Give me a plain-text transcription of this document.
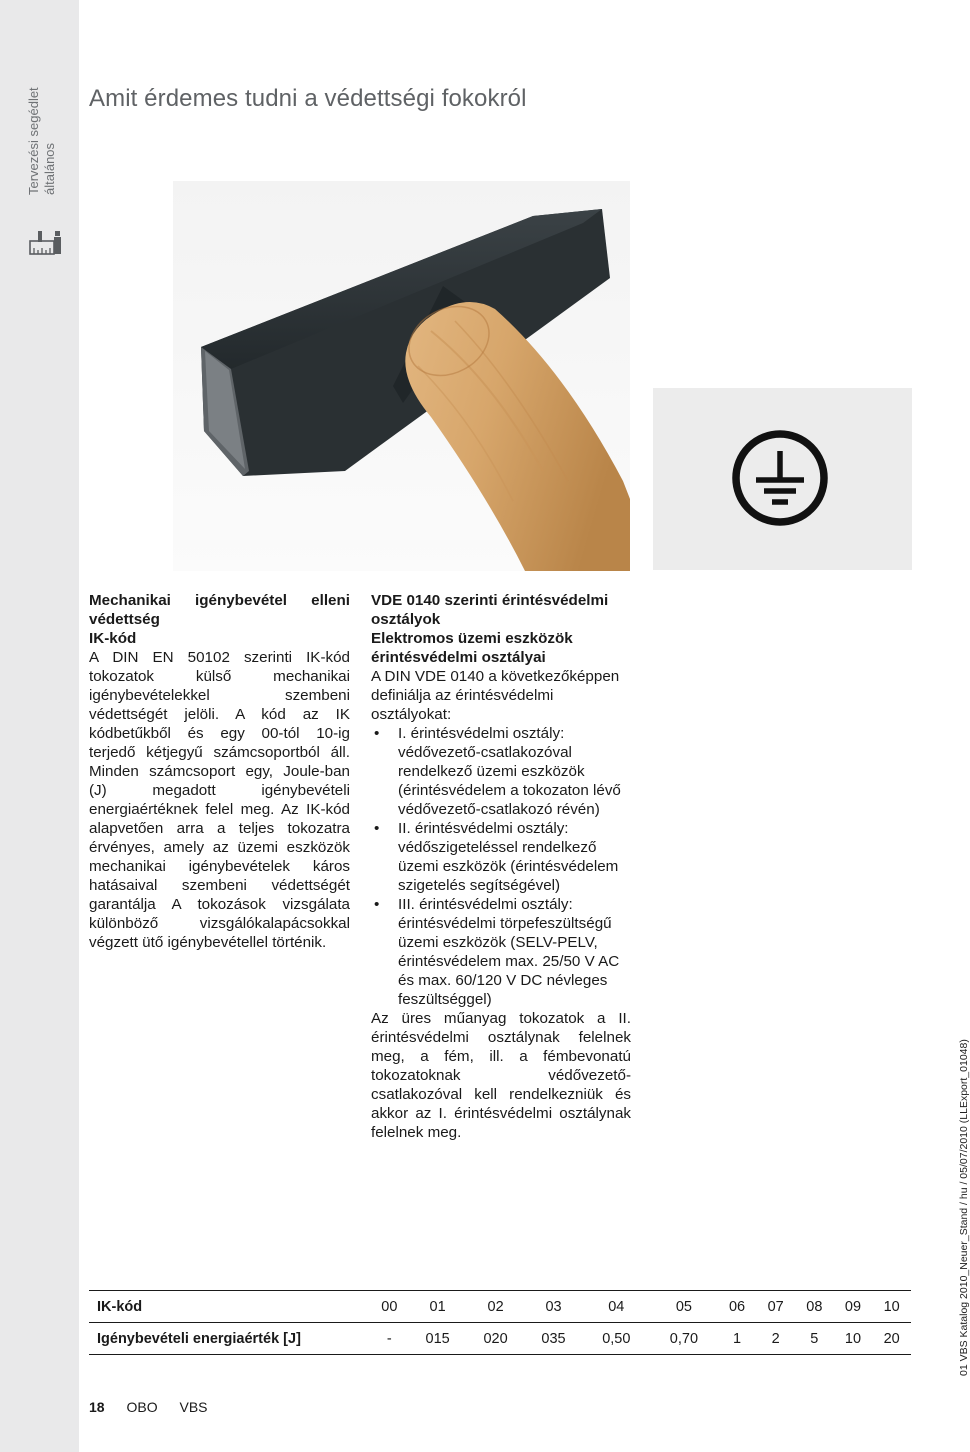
Tervezési segédlet általános
Amit érdemes tudni a védettségi fokokról
Mechanikai igénybevétel elleni védettség
IK-kód
A DIN EN 50102 szerinti IK-kód tokozatok külső mechanikai igénybevételekkel szembeni védettségét jelöli. A kód az IK kódbetűkből és egy 00-tól 10-ig terjedő kétjegyű számcsoportból áll. Minden számcsoport egy, Joule-ban (J) megadott igénybevételi energiaértéknek felel meg. Az IK-kód alapvetően arra a teljes tokozatra érvényes, amely az üzemi eszközök mechanikai igénybevételek káros hatásaival szembeni védettségét garantálja A tokozások vizsgálata különböző vizsgálókalapácsokkal végzett ütő igénybevétellel történik.
VDE 0140 szerinti érintésvédelmi osztályok
Elektromos üzemi eszközök érintésvédelmi osztályai
A DIN VDE 0140 a következőképpen definiálja az érintésvédelmi osztályokat:
• I. érintésvédelmi osztály: védővezető-csatlakozóval rendelkező üzemi eszközök (érintésvédelem a tokozaton lévő védővezető-csatlakozó révén)
• II. érintésvédelmi osztály: védőszigeteléssel rendelkező üzemi eszközök (érintésvédelem szigetelés segítségével)
• III. érintésvédelmi osztály: érintésvédelmi törpefeszültségű üzemi eszközök (SELV-PELV, érintésvédelem max. 25/50 V AC és max. 60/120 V DC névleges feszültséggel)
Az üres műanyag tokozatok a II. érintésvédelmi osztálynak felelnek meg, a fém, ill. a fémbevonatú tokozatoknak védővezető-csatlakozóval kell rendelkezniük és akkor az I. érintésvédelmi osztálynak felelnek meg.
IK-kód	00	01	02	03	04	05	06	07	08	09	10
Igénybevételi energiaérték [J]	-	015	020	035	0,50	0,70	1	2	5	10	20
18 OBO VBS
01 VBS Katalog 2010_Neuer_Stand / hu / 05/07/2010 (LLExport_01048)
